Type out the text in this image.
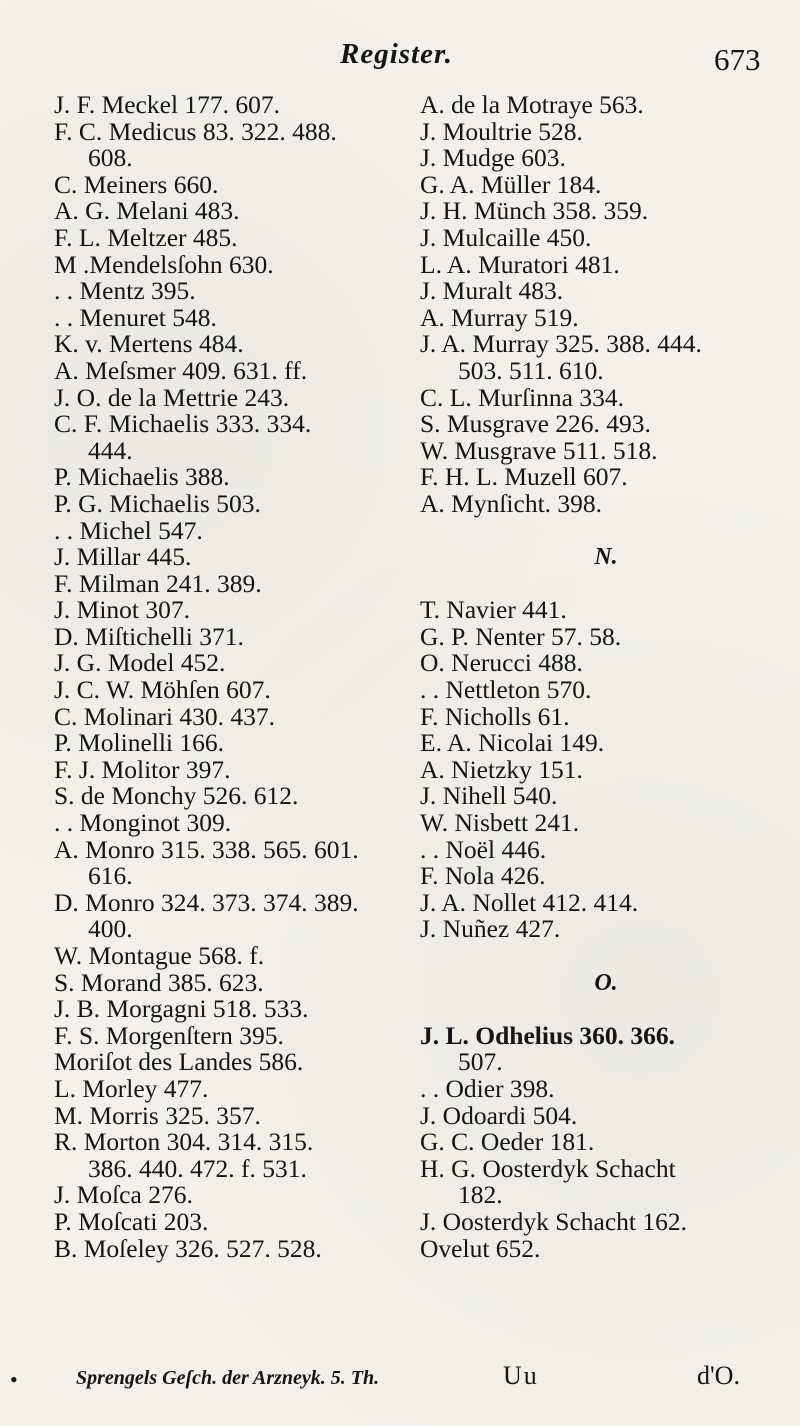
Register.	673
J. F. Meckel 177. 607.
F. C. Medicus 83. 322. 488.
608.
C. Meiners 660.
A. G. Melani 483.
F. L. Meltzer 485.
M .Mendelsſohn 630.
. . Mentz 395.
. . Menuret 548.
K. v. Mertens 484.
A. Meſsmer 409. 631. ff.
J. O. de la Mettrie 243.
C. F. Michaelis 333. 334.
444.
P. Michaelis 388.
P. G. Michaelis 503.
. . Michel 547.
J. Millar 445.
F. Milman 241. 389.
J. Minot 307.
D. Miſtichelli 371.
J. G. Model 452.
J. C. W. Möhſen 607.
C. Molinari 430. 437.
P. Molinelli 166.
F. J. Molitor 397.
S. de Monchy 526. 612.
. . Monginot 309.
A. Monro 315. 338. 565. 601.
616.
D. Monro 324. 373. 374. 389.
400.
W. Montague 568. f.
S. Morand 385. 623.
J. B. Morgagni 518. 533.
F. S. Morgenſtern 395.
Moriſot des Landes 586.
L. Morley 477.
M. Morris 325. 357.
R. Morton 304. 314. 315.
386. 440. 472. f. 531.
J. Moſca 276.
P. Moſcati 203.
B. Moſeley 326. 527. 528.
A. de la Motraye 563.
J. Moultrie 528.
J. Mudge 603.
G. A. Müller 184.
J. H. Münch 358. 359.
J. Mulcaille 450.
L. A. Muratori 481.
J. Muralt 483.
A. Murray 519.
J. A. Murray 325. 388. 444.
503. 511. 610.
C. L. Murſinna 334.
S. Musgrave 226. 493.
W. Musgrave 511. 518.
F. H. L. Muzell 607.
A. Mynſicht. 398.
N.
T. Navier 441.
G. P. Nenter 57. 58.
O. Nerucci 488.
. . Nettleton 570.
F. Nicholls 61.
E. A. Nicolai 149.
A. Nietzky 151.
J. Nihell 540.
W. Nisbett 241.
. . Noël 446.
F. Nola 426.
J. A. Nollet 412. 414.
J. Nuñez 427.
O.
J. L. Odhelius 360. 366.
507.
. . Odier 398.
J. Odoardi 504.
G. C. Oeder 181.
H. G. Oosterdyk Schacht
182.
J. Oosterdyk Schacht 162.
Ovelut 652.
•	Sprengels Geſch. der Arzneyk. 5. Th.	Uu	d'O.
